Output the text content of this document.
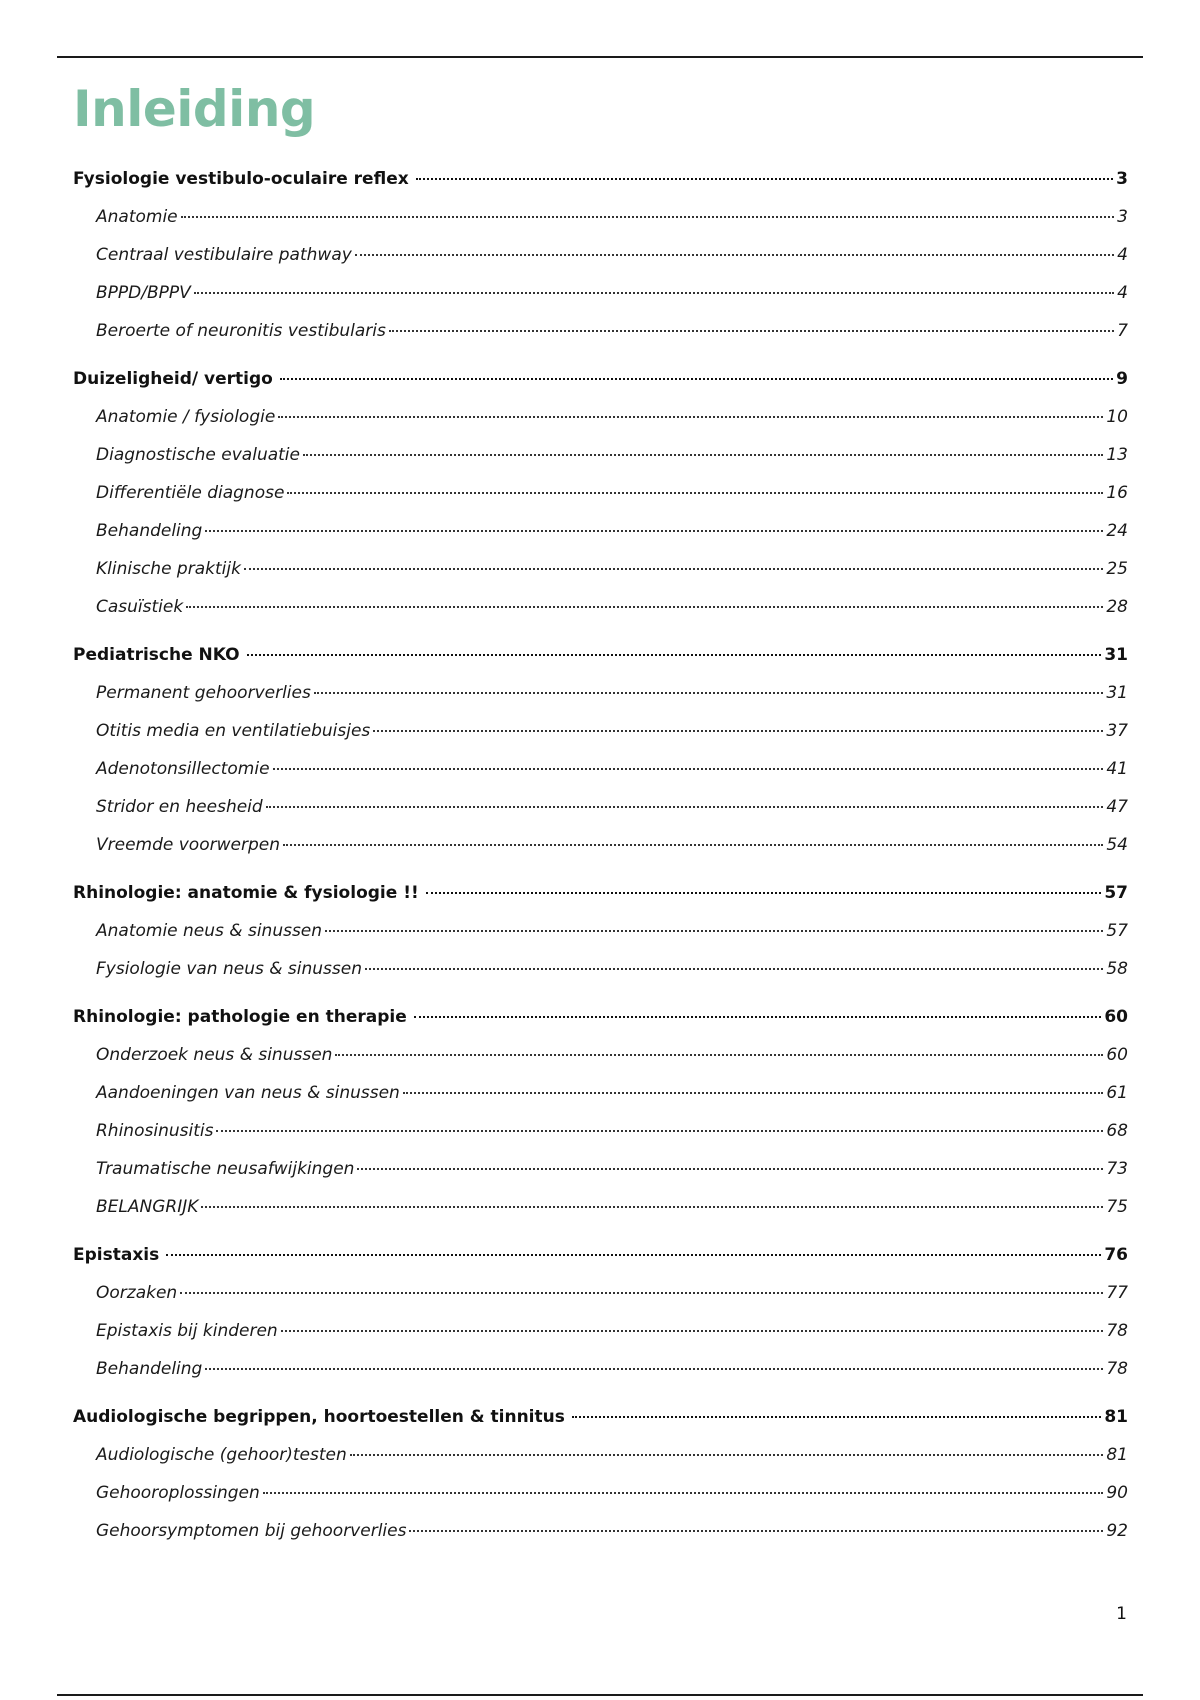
Inleiding
Fysiologie vestibulo-oculaire reflex	3
Anatomie	3
Centraal vestibulaire pathway	4
BPPD/BPPV	4
Beroerte of neuronitis vestibularis	7
Duizeligheid/ vertigo	9
Anatomie / fysiologie	10
Diagnostische evaluatie	13
Differentiële diagnose	16
Behandeling	24
Klinische praktijk	25
Casuïstiek	28
Pediatrische NKO	31
Permanent gehoorverlies	31
Otitis media en ventilatiebuisjes	37
Adenotonsillectomie	41
Stridor en heesheid	47
Vreemde voorwerpen	54
Rhinologie: anatomie & fysiologie !!	57
Anatomie neus & sinussen	57
Fysiologie van neus & sinussen	58
Rhinologie: pathologie en therapie	60
Onderzoek neus & sinussen	60
Aandoeningen van neus & sinussen	61
Rhinosinusitis	68
Traumatische neusafwijkingen	73
BELANGRIJK	75
Epistaxis	76
Oorzaken	77
Epistaxis bij kinderen	78
Behandeling	78
Audiologische begrippen, hoortoestellen & tinnitus	81
Audiologische (gehoor)testen	81
Gehooroplossingen	90
Gehoorsymptomen bij gehoorverlies	92
1
